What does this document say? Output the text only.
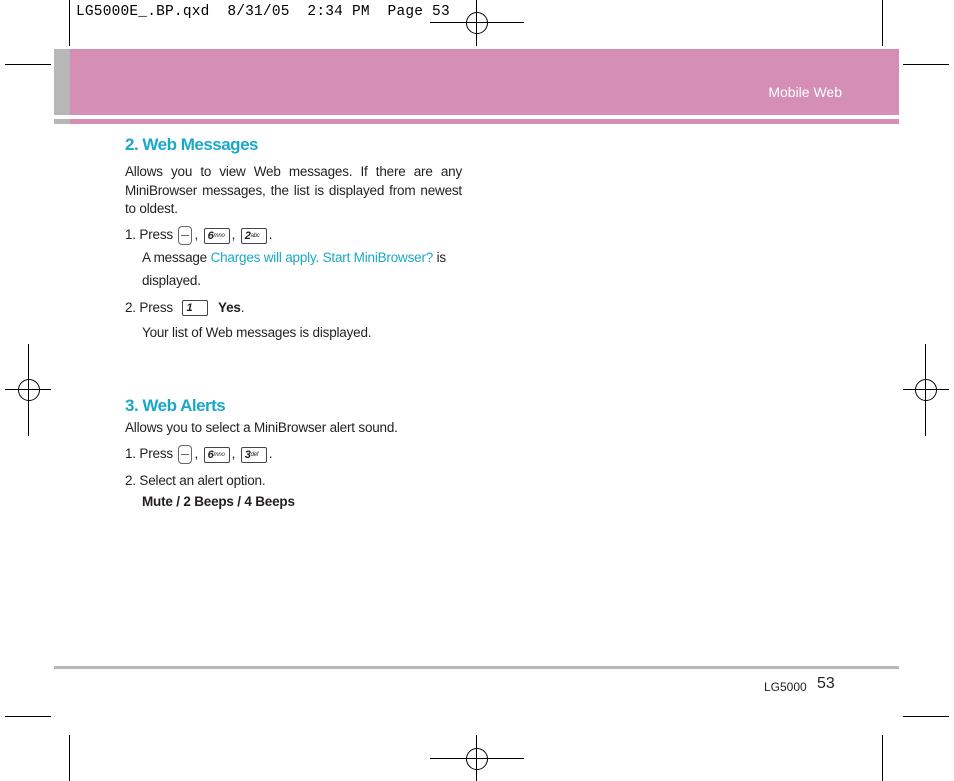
LG5000E_.BP.qxd  8/31/05  2:34 PM  Page 53
Mobile Web
2. Web Messages
Allows you to view Web messages. If there are any MiniBrowser messages, the list is displayed from newest to oldest.
1. Press , $6^{mno}$ , $2^{abc}$ .
A message Charges will apply. Start MiniBrowser? is
displayed.
2. Press 1 Yes.
Your list of Web messages is displayed.
3. Web Alerts
Allows you to select a MiniBrowser alert sound.
1. Press , $6^{mno}$ , $3^{def}$ .
2. Select an alert option.
Mute / 2 Beeps / 4 Beeps
LG5000 53
